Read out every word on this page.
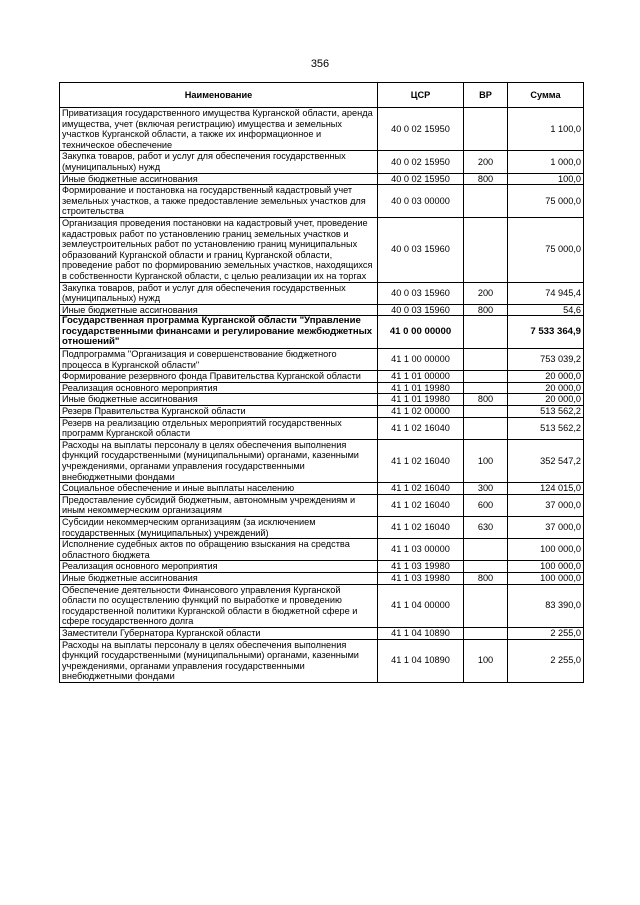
356
Наименование	ЦСР	ВР	Сумма
Приватизация государственного имущества Курганской области, аренда имущества, учет (включая регистрацию) имущества и земельных участков Курганской области, а также их информационное и техническое обеспечение	40 0 02 15950		1 100,0
Закупка товаров, работ и услуг для обеспечения государственных (муниципальных) нужд	40 0 02 15950	200	1 000,0
Иные бюджетные ассигнования	40 0 02 15950	800	100,0
Формирование и постановка на государственный кадастровый учет земельных участков, а также предоставление земельных участков для строительства	40 0 03 00000		75 000,0
Организация проведения постановки на кадастровый учет, проведение кадастровых работ по установлению границ земельных участков и землеустроительных работ по установлению границ муниципальных образований Курганской области и границ Курганской области, проведение работ по формированию земельных участков, находящихся в собственности Курганской области, с целью реализации их на торгах	40 0 03 15960		75 000,0
Закупка товаров, работ и услуг для обеспечения государственных (муниципальных) нужд	40 0 03 15960	200	74 945,4
Иные бюджетные ассигнования	40 0 03 15960	800	54,6
Государственная программа Курганской области "Управление государственными финансами и регулирование межбюджетных отношений"	41 0 00 00000		7 533 364,9
Подпрограмма "Организация и совершенствование бюджетного процесса в Курганской области"	41 1 00 00000		753 039,2
Формирование резервного фонда Правительства Курганской области	41 1 01 00000		20 000,0
Реализация основного мероприятия	41 1 01 19980		20 000,0
Иные бюджетные ассигнования	41 1 01 19980	800	20 000,0
Резерв Правительства Курганской области	41 1 02 00000		513 562,2
Резерв на реализацию отдельных мероприятий государственных программ Курганской области	41 1 02 16040		513 562,2
Расходы на выплаты персоналу в целях обеспечения выполнения функций государственными (муниципальными) органами, казенными учреждениями, органами управления государственными внебюджетными фондами	41 1 02 16040	100	352 547,2
Социальное обеспечение и иные выплаты населению	41 1 02 16040	300	124 015,0
Предоставление субсидий бюджетным, автономным учреждениям и иным некоммерческим организациям	41 1 02 16040	600	37 000,0
Субсидии некоммерческим организациям (за исключением государственных (муниципальных) учреждений)	41 1 02 16040	630	37 000,0
Исполнение судебных актов по обращению взыскания на средства областного бюджета	41 1 03 00000		100 000,0
Реализация основного мероприятия	41 1 03 19980		100 000,0
Иные бюджетные ассигнования	41 1 03 19980	800	100 000,0
Обеспечение деятельности Финансового управления Курганской области по осуществлению функций по выработке и проведению государственной политики Курганской области в бюджетной сфере и сфере государственного долга	41 1 04 00000		83 390,0
Заместители Губернатора Курганской области	41 1 04 10890		2 255,0
Расходы на выплаты персоналу в целях обеспечения выполнения функций государственными (муниципальными) органами, казенными учреждениями, органами управления государственными внебюджетными фондами	41 1 04 10890	100	2 255,0
